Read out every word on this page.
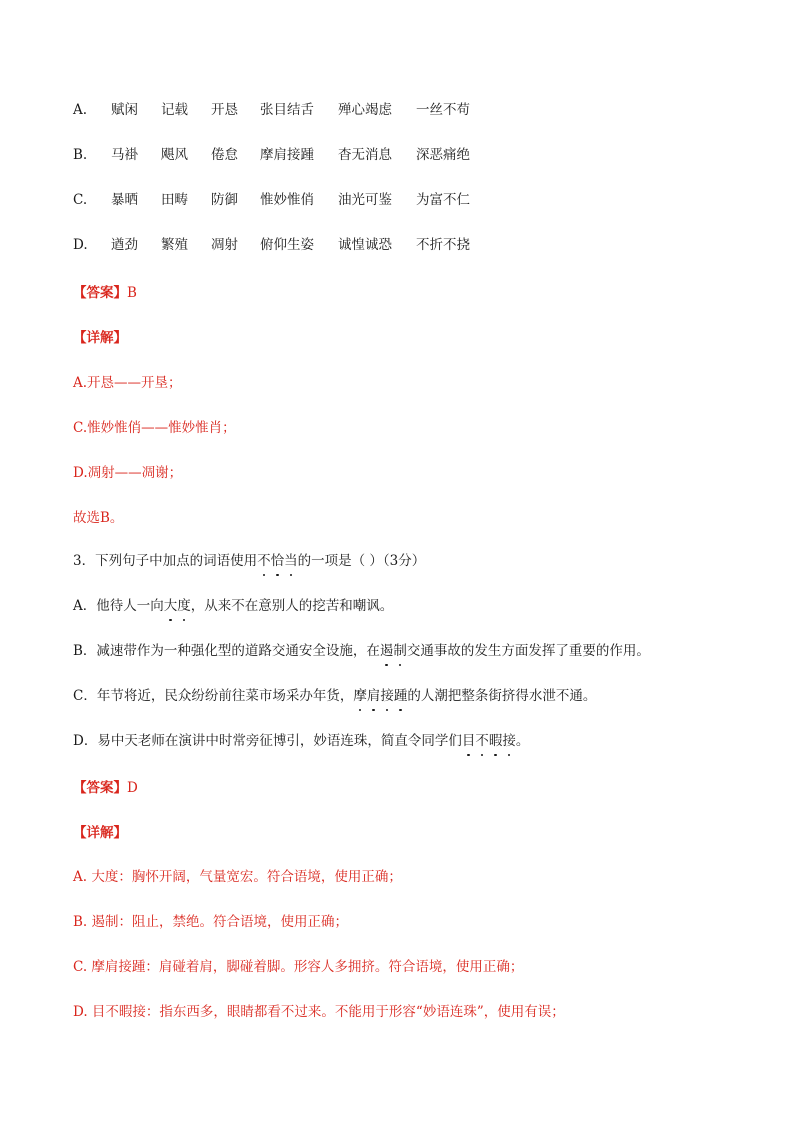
A. 赋闲 记载 开恳 张目结舌 殚心竭虑 一丝不苟
B. 马褂 飓风 倦怠 摩肩接踵 杳无消息 深恶痛绝
C. 暴晒 田畴 防御 惟妙惟俏 油光可鉴 为富不仁
D. 遒劲 繁殖 凋射 俯仰生姿 诚惶诚恐 不折不挠
【答案】B
【详解】
A.开恳——开垦；
C.惟妙惟俏——惟妙惟肖；
D.凋射——凋谢；
故选B。
3．下列句子中加点的词语使用不恰当的一项是（ ）（3分）
A．他待人一向大度，从来不在意别人的挖苦和嘲讽。
B．减速带作为一种强化型的道路交通安全设施，在遏制交通事故的发生方面发挥了重要的作用。
C．年节将近，民众纷纷前往菜市场采办年货，摩肩接踵的人潮把整条街挤得水泄不通。
D．易中天老师在演讲中时常旁征博引，妙语连珠，简直令同学们目不暇接。
【答案】D
【详解】
A. 大度：胸怀开阔，气量宽宏。符合语境，使用正确；
B. 遏制：阻止，禁绝。符合语境，使用正确；
C. 摩肩接踵：肩碰着肩，脚碰着脚。形容人多拥挤。符合语境，使用正确；
D. 目不暇接：指东西多，眼睛都看不过来。不能用于形容“妙语连珠”，使用有误；
